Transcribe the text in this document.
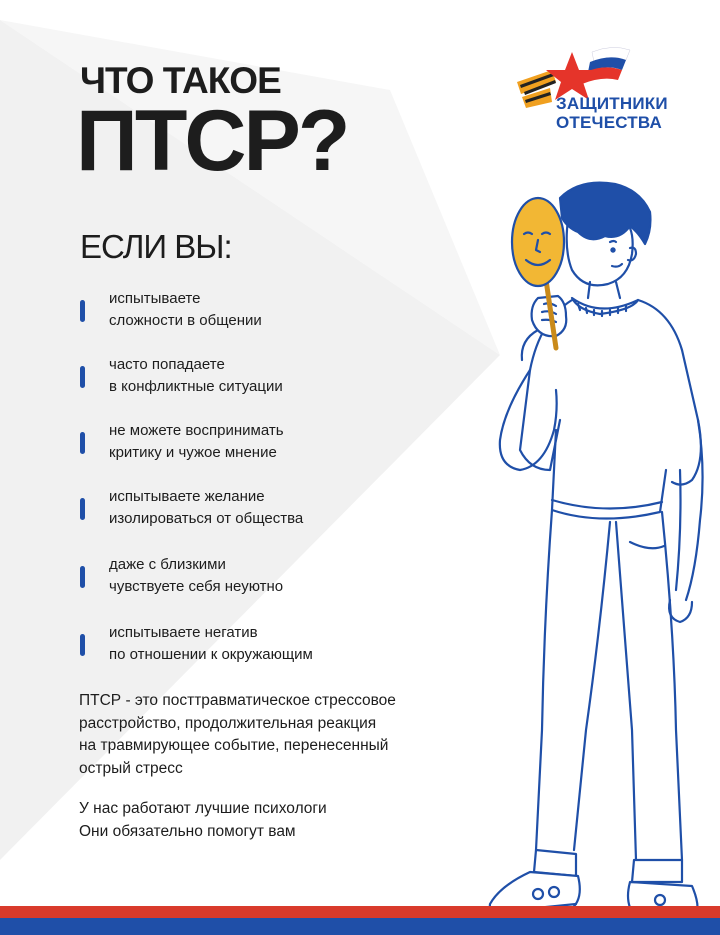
ЧТО ТАКОЕ
ПТСР?	ЗАЩИТНИКИ
ОТЕЧЕСТВА
ЕСЛИ ВЫ:
испытываете
сложности в общении
часто попадаете
в конфликтные ситуации
не можете воспринимать
критику и чужое мнение
испытываете желание
изолироваться от общества
даже с близкими
чувствуете себя неуютно
испытываете негатив
по отношении к окружающим
ПТСР - это посттравматическое стрессовое
расстройство, продолжительная реакция
на травмирующее событие, перенесенный
острый стресс
У нас работают лучшие психологи
Они обязательно помогут вам
